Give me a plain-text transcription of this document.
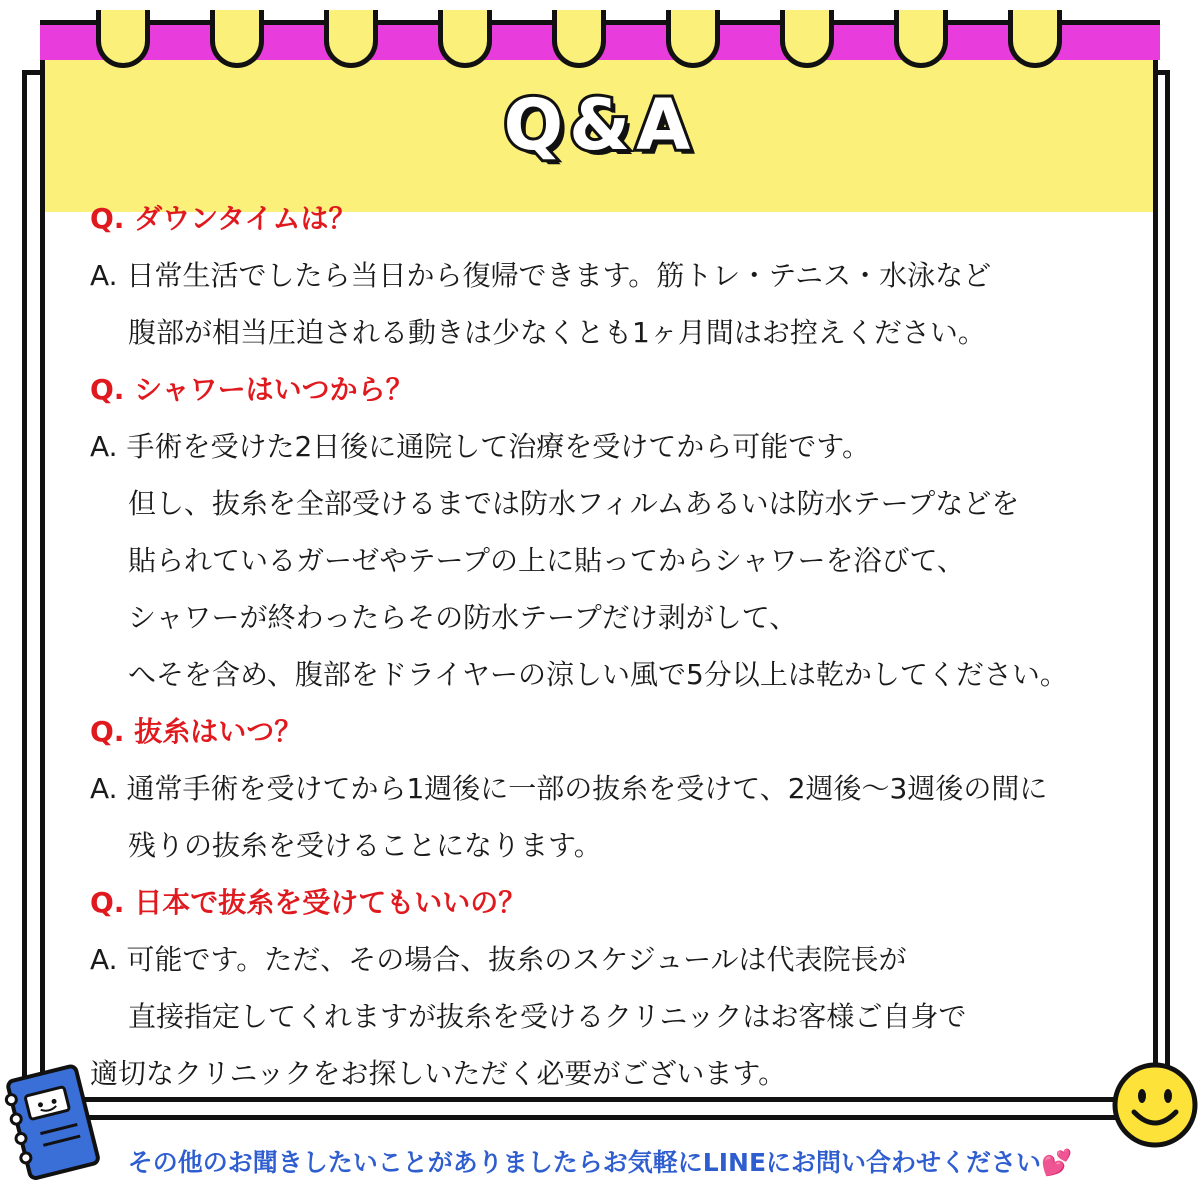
Q&A
Q. ダウンタイムは？
A. 日常生活でしたら当日から復帰できます。筋トレ・テニス・水泳など
腹部が相当圧迫される動きは少なくとも1ヶ月間はお控えください。
Q. シャワーはいつから？
A. 手術を受けた2日後に通院して治療を受けてから可能です。
但し、抜糸を全部受けるまでは防水フィルムあるいは防水テープなどを
貼られているガーゼやテープの上に貼ってからシャワーを浴びて、
シャワーが終わったらその防水テープだけ剥がして、
へそを含め、腹部をドライヤーの涼しい風で5分以上は乾かしてください。
Q. 抜糸はいつ？
A. 通常手術を受けてから1週後に一部の抜糸を受けて、2週後〜3週後の間に
残りの抜糸を受けることになります。
Q. 日本で抜糸を受けてもいいの？
A. 可能です。ただ、その場合、抜糸のスケジュールは代表院長が
直接指定してくれますが抜糸を受けるクリニックはお客様ご自身で
適切なクリニックをお探しいただく必要がございます。
その他のお聞きしたいことがありましたらお気軽にLINEにお問い合わせください💕
